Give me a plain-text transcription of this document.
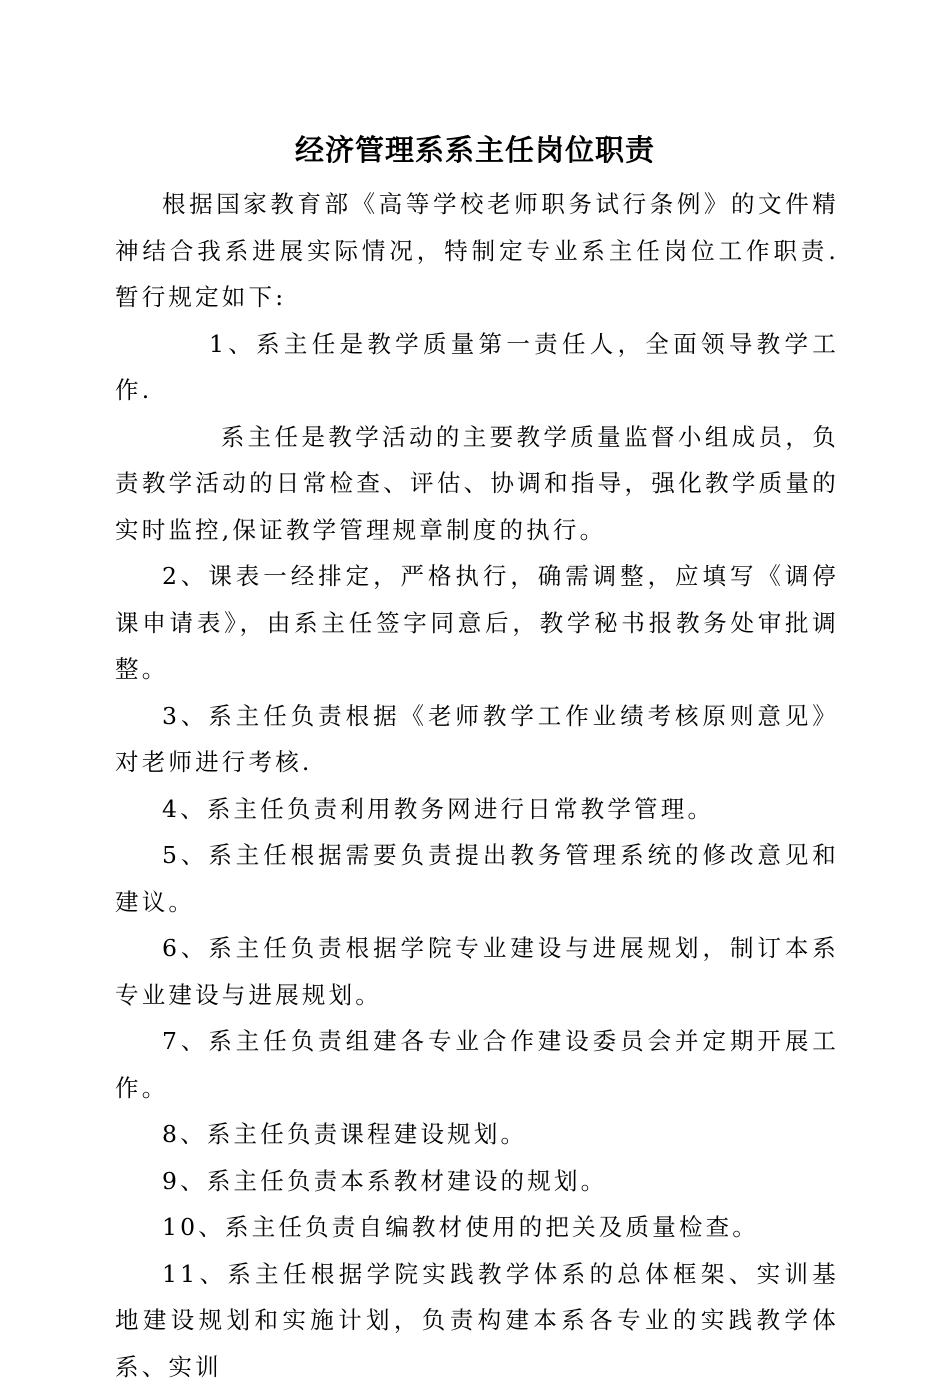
经济管理系系主任岗位职责

根据国家教育部《高等学校老师职务试行条例》的文件精神结合我系进展实际情况，特制定专业系主任岗位工作职责.暂行规定如下:

1、系主任是教学质量第一责任人，全面领导教学工作.

系主任是教学活动的主要教学质量监督小组成员，负责教学活动的日常检查、评估、协调和指导，强化教学质量的实时监控,保证教学管理规章制度的执行。

2、课表一经排定，严格执行，确需调整，应填写《调停课申请表》，由系主任签字同意后，教学秘书报教务处审批调整。

3、系主任负责根据《老师教学工作业绩考核原则意见》对老师进行考核.

4、系主任负责利用教务网进行日常教学管理。

5、系主任根据需要负责提出教务管理系统的修改意见和建议。

6、系主任负责根据学院专业建设与进展规划，制订本系专业建设与进展规划。

7、系主任负责组建各专业合作建设委员会并定期开展工作。

8、系主任负责课程建设规划。

9、系主任负责本系教材建设的规划。

10、系主任负责自编教材使用的把关及质量检查。

11、系主任根据学院实践教学体系的总体框架、实训基地建设规划和实施计划，负责构建本系各专业的实践教学体系、实训
